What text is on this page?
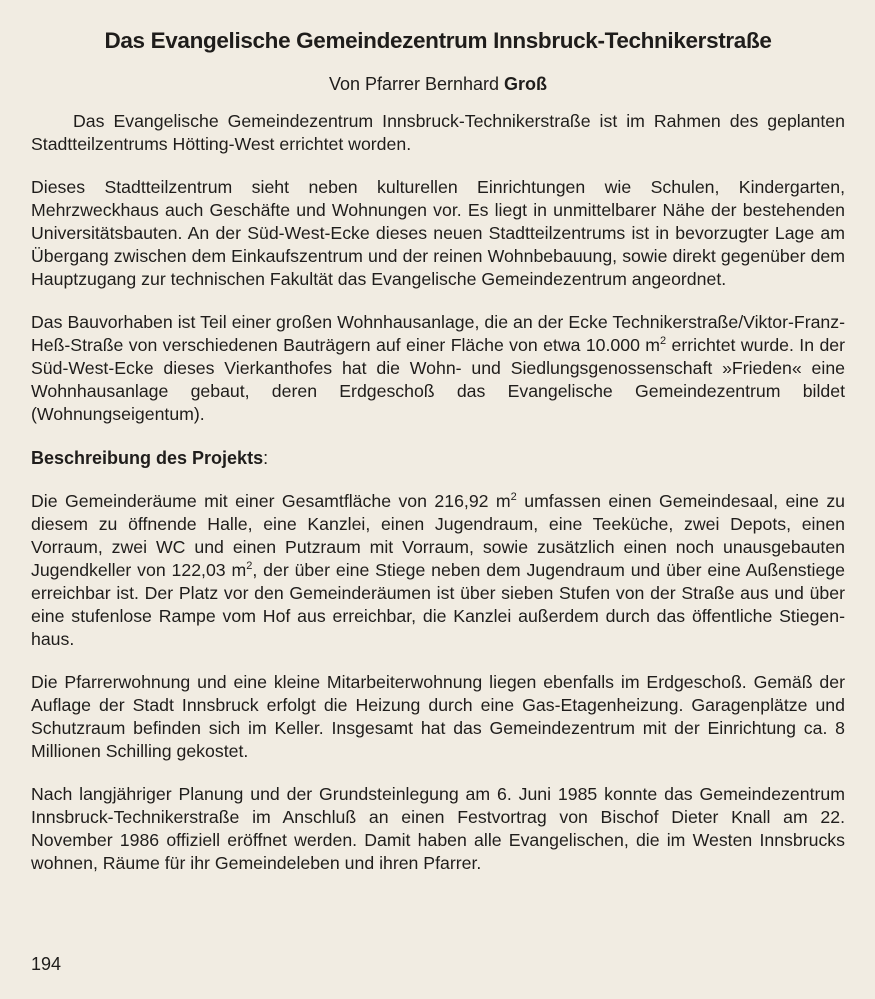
Das Evangelische Gemeindezentrum Innsbruck-Technikerstraße
Von Pfarrer Bernhard Groß

Das Evangelische Gemeindezentrum Innsbruck-Technikerstraße ist im Rahmen des geplanten Stadtteilzentrums Hötting-West errichtet worden.

Dieses Stadtteilzentrum sieht neben kulturellen Einrichtungen wie Schulen, Kindergarten, Mehrzweckhaus auch Geschäfte und Wohnungen vor. Es liegt in unmittelbarer Nähe der bestehenden Universitätsbauten. An der Süd-West-Ecke dieses neuen Stadtteilzentrums ist in bevorzugter Lage am Übergang zwischen dem Einkaufszentrum und der reinen Wohnbebauung, sowie direkt gegenüber dem Hauptzugang zur technischen Fakultät das Evangelische Gemeindezentrum angeordnet.

Das Bauvorhaben ist Teil einer großen Wohnhausanlage, die an der Ecke Technikerstraße/Viktor-Franz-Heß-Straße von verschiedenen Bauträgern auf einer Fläche von etwa 10.000 $m^2$ errichtet wurde. In der Süd-West-Ecke dieses Vierkanthofes hat die Wohn- und Siedlungsgenossenschaft »Frieden« eine Wohnhausanlage gebaut, deren Erdgeschoß das Evangelische Gemeindezentrum bildet (Wohnungseigentum).

Beschreibung des Projekts:

Die Gemeinderäume mit einer Gesamtfläche von 216,92 $m^2$ umfassen einen Gemeindesaal, eine zu diesem zu öffnende Halle, eine Kanzlei, einen Jugendraum, eine Teeküche, zwei Depots, einen Vorraum, zwei WC und einen Putzraum mit Vorraum, sowie zusätzlich einen noch unausgebauten Jugendkeller von 122,03 $m^2$, der über eine Stiege neben dem Jugendraum und über eine Außenstiege erreichbar ist. Der Platz vor den Gemeinderäumen ist über sieben Stufen von der Straße aus und über eine stufenlose Rampe vom Hof aus erreichbar, die Kanzlei außerdem durch das öffentliche Stiegenhaus.

Die Pfarrerwohnung und eine kleine Mitarbeiterwohnung liegen ebenfalls im Erdgeschoß. Gemäß der Auflage der Stadt Innsbruck erfolgt die Heizung durch eine Gas-Etagenheizung. Garagenplätze und Schutzraum befinden sich im Keller. Insgesamt hat das Gemeindezentrum mit der Einrichtung ca. 8 Millionen Schilling gekostet.

Nach langjähriger Planung und der Grundsteinlegung am 6. Juni 1985 konnte das Gemeindezentrum Innsbruck-Technikerstraße im Anschluß an einen Festvortrag von Bischof Dieter Knall am 22. November 1986 offiziell eröffnet werden. Damit haben alle Evangelischen, die im Westen Innsbrucks wohnen, Räume für ihr Gemeindeleben und ihren Pfarrer.

194
